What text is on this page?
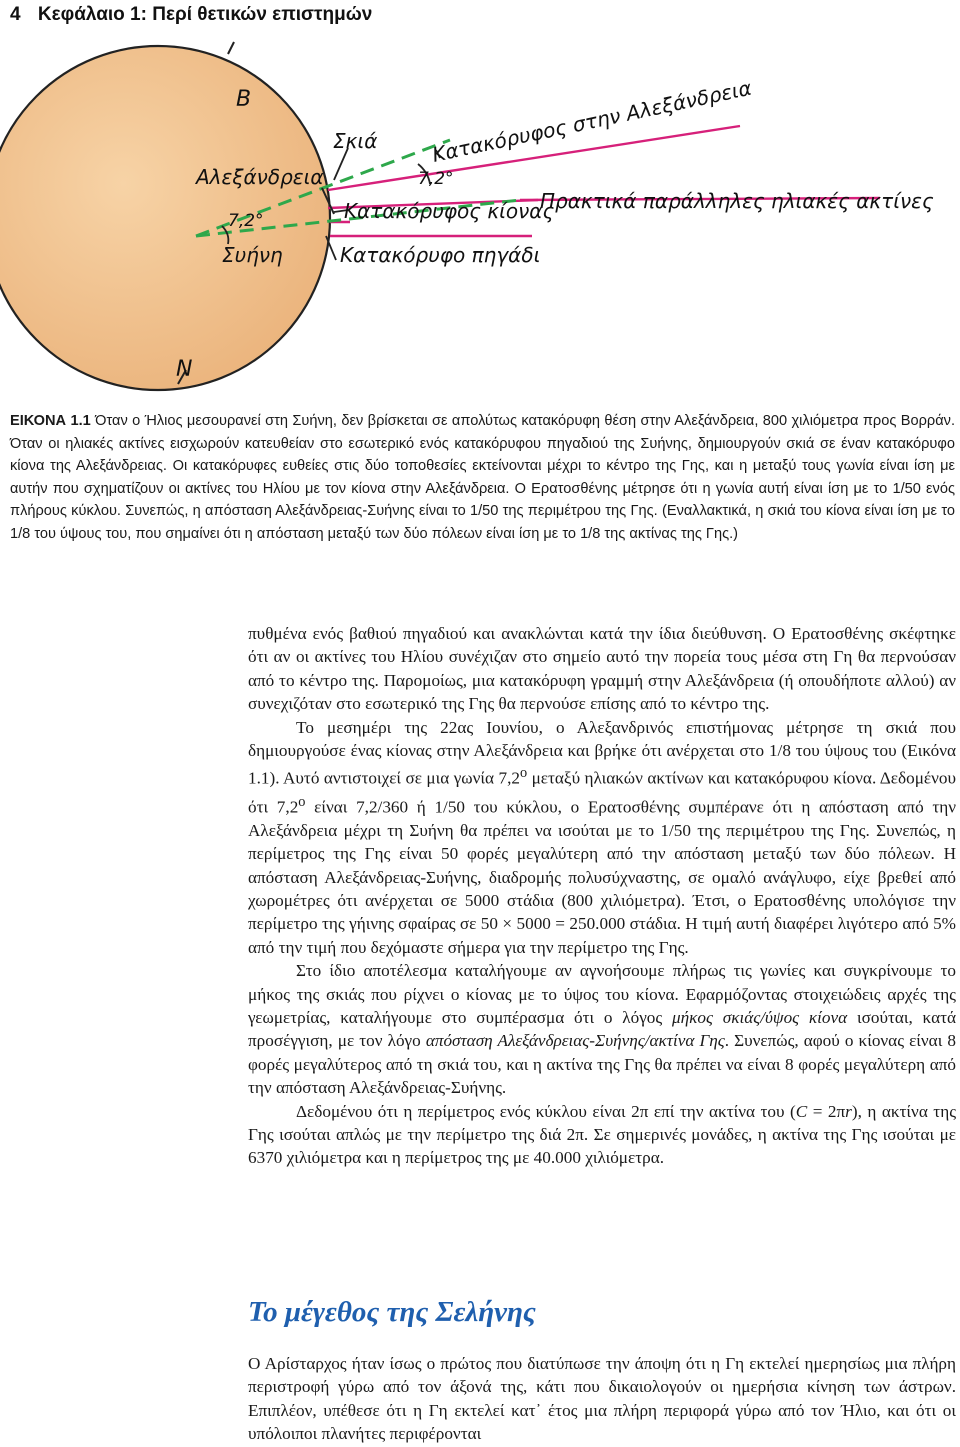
4 Κεφάλαιο 1: Περί θετικών επιστημών
Β
Ν
Αλεξάνδρεια
Συήνη
7,2°
7,2°
Σκιά	Κατακόρυφος στην Αλεξάνδρεια
Κατακόρυφος κίονας
Πρακτικά παράλληλες ηλιακές ακτίνες
Κατακόρυφο πηγάδι
ΕΙΚΟΝΑ 1.1 Όταν ο Ήλιος μεσουρανεί στη Συήνη, δεν βρίσκεται σε απολύτως κατακόρυφη θέση στην Αλεξάνδρεια, 800 χιλιόμετρα προς Βορράν. Όταν οι ηλιακές ακτίνες εισχωρούν κατευθείαν στο εσωτερικό ενός κατακόρυφου πηγαδιού της Συήνης, δημιουργούν σκιά σε έναν κατακόρυφο κίονα της Αλεξάνδρειας. Οι κατακόρυφες ευθείες στις δύο τοποθεσίες εκτείνονται μέχρι το κέντρο της Γης, και η μεταξύ τους γωνία είναι ίση με αυτήν που σχηματίζουν οι ακτίνες του Ηλίου με τον κίονα στην Αλεξάνδρεια. Ο Ερατοσθένης μέτρησε ότι η γωνία αυτή είναι ίση με το 1/50 ενός πλήρους κύκλου. Συνεπώς, η απόσταση Αλεξάνδρειας-Συήνης είναι το 1/50 της περιμέτρου της Γης. (Εναλλακτικά, η σκιά του κίονα είναι ίση με το 1/8 του ύψους του, που σημαίνει ότι η απόσταση μεταξύ των δύο πόλεων είναι ίση με το 1/8 της ακτίνας της Γης.)

πυθμένα ενός βαθιού πηγαδιού και ανακλώνται κατά την ίδια διεύθυνση. Ο Ερατοσθένης σκέφτηκε ότι αν οι ακτίνες του Ηλίου συνέχιζαν στο σημείο αυτό την πορεία τους μέσα στη Γη θα περνούσαν από το κέντρο της. Παρομοίως, μια κατακόρυφη γραμμή στην Αλεξάνδρεια (ή οπουδήποτε αλλού) αν συνεχιζόταν στο εσωτερικό της Γης θα περνούσε επίσης από το κέντρο της.

Το μεσημέρι της 22ας Ιουνίου, ο Αλεξανδρινός επιστήμονας μέτρησε τη σκιά που δημιουργούσε ένας κίονας στην Αλεξάνδρεια και βρήκε ότι ανέρχεται στο 1/8 του ύψους του (Εικόνα 1.1). Αυτό αντιστοιχεί σε μια γωνία $7,2^o$ μεταξύ ηλιακών ακτίνων και κατακόρυφου κίονα. Δεδομένου ότι $7,2^o$ είναι 7,2/360 ή 1/50 του κύκλου, ο Ερατοσθένης συμπέρανε ότι η απόσταση από την Αλεξάνδρεια μέχρι τη Συήνη θα πρέπει να ισούται με το 1/50 της περιμέτρου της Γης. Συνεπώς, η περίμετρος της Γης είναι 50 φορές μεγαλύτερη από την απόσταση μεταξύ των δύο πόλεων. Η απόσταση Αλεξάνδρειας-Συήνης, διαδρομής πολυσύχναστης, σε ομαλό ανάγλυφο, είχε βρεθεί από χωρομέτρες ότι ανέρχεται σε 5000 στάδια (800 χιλιόμετρα). Έτσι, ο Ερατοσθένης υπολόγισε την περίμετρο της γήινης σφαίρας σε 50 × 5000 = 250.000 στάδια. Η τιμή αυτή διαφέρει λιγότερο από 5% από την τιμή που δεχόμαστε σήμερα για την περίμετρο της Γης.

Στο ίδιο αποτέλεσμα καταλήγουμε αν αγνοήσουμε πλήρως τις γωνίες και συγκρίνουμε το μήκος της σκιάς που ρίχνει ο κίονας με το ύψος του κίονα. Εφαρμόζοντας στοιχειώδεις αρχές της γεωμετρίας, καταλήγουμε στο συμπέρασμα ότι ο λόγος μήκος σκιάς/ύψος κίονα ισούται, κατά προσέγγιση, με τον λόγο απόσταση Αλεξάνδρειας-Συήνης/ακτίνα Γης. Συνεπώς, αφού ο κίονας είναι 8 φορές μεγαλύτερος από τη σκιά του, και η ακτίνα της Γης θα πρέπει να είναι 8 φορές μεγαλύτερη από την απόσταση Αλεξάνδρειας-Συήνης.

Δεδομένου ότι η περίμετρος ενός κύκλου είναι 2π επί την ακτίνα του (C = 2πr), η ακτίνα της Γης ισούται απλώς με την περίμετρο της διά 2π. Σε σημερινές μονάδες, η ακτίνα της Γης ισούται με 6370 χιλιόμετρα και η περίμετρος της με 40.000 χιλιόμετρα.

Το μέγεθος της Σελήνης

Ο Αρίσταρχος ήταν ίσως ο πρώτος που διατύπωσε την άποψη ότι η Γη εκτελεί ημερησίως μια πλήρη περιστροφή γύρω από τον άξονά της, κάτι που δικαιολογούν οι ημερήσια κίνηση των άστρων. Επιπλέον, υπέθεσε ότι η Γη εκτελεί κατ᾽ έτος μια πλήρη περιφορά γύρω από τον Ήλιο, και ότι οι υπόλοιποι πλανήτες περιφέρονται
